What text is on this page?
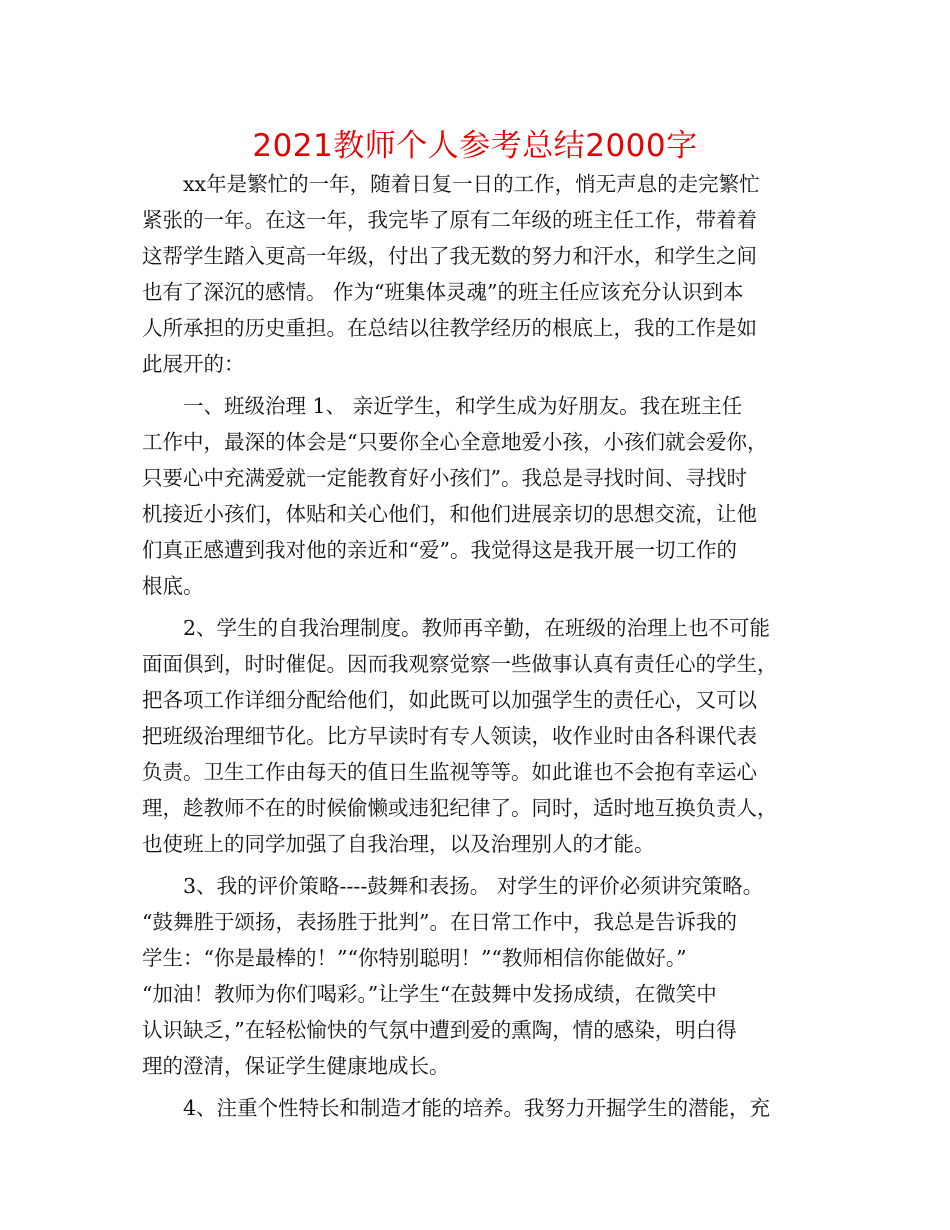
2021教师个人参考总结2000字
xx年是繁忙的一年，随着日复一日的工作，悄无声息的走完繁忙
紧张的一年。在这一年，我完毕了原有二年级的班主任工作，带着着
这帮学生踏入更高一年级，付出了我无数的努力和汗水，和学生之间
也有了深沉的感情。 作为“班集体灵魂”的班主任应该充分认识到本
人所承担的历史重担。在总结以往教学经历的根底上，我的工作是如
此展开的：
一、班级治理 1、 亲近学生，和学生成为好朋友。我在班主任
工作中，最深的体会是“只要你全心全意地爱小孩，小孩们就会爱你，
只要心中充满爱就一定能教育好小孩们”。我总是寻找时间、寻找时
机接近小孩们，体贴和关心他们，和他们进展亲切的思想交流，让他
们真正感遭到我对他的亲近和“爱”。我觉得这是我开展一切工作的
根底。
2、学生的自我治理制度。教师再辛勤，在班级的治理上也不可能
面面俱到，时时催促。因而我观察觉察一些做事认真有责任心的学生，
把各项工作详细分配给他们，如此既可以加强学生的责任心，又可以
把班级治理细节化。比方早读时有专人领读，收作业时由各科课代表
负责。卫生工作由每天的值日生监视等等。如此谁也不会抱有幸运心
理，趁教师不在的时候偷懒或违犯纪律了。同时，适时地互换负责人，
也使班上的同学加强了自我治理，以及治理别人的才能。
3、我的评价策略----鼓舞和表扬。 对学生的评价必须讲究策略。
“鼓舞胜于颂扬，表扬胜于批判”。在日常工作中，我总是告诉我的
学生：“你是最棒的！”“你特别聪明！”“教师相信你能做好。”
“加油！教师为你们喝彩。”让学生“在鼓舞中发扬成绩，在微笑中
认识缺乏，”在轻松愉快的气氛中遭到爱的熏陶，情的感染，明白得
理的澄清，保证学生健康地成长。
4、注重个性特长和制造才能的培养。我努力开掘学生的潜能，充
